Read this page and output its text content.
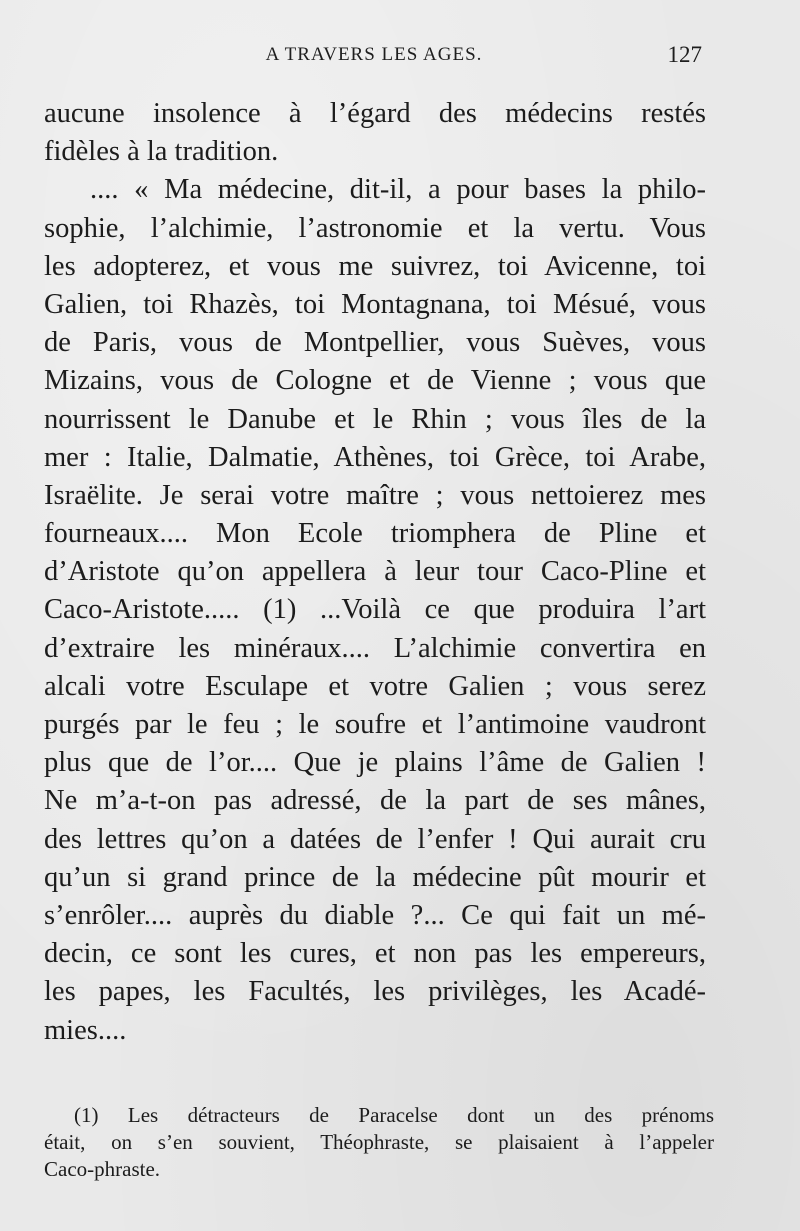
A TRAVERS LES AGES.	127
aucune insolence à l’égard des médecins restés
fidèles à la tradition.
.... « Ma médecine, dit-il, a pour bases la philo-
sophie, l’alchimie, l’astronomie et la vertu. Vous
les adopterez, et vous me suivrez, toi Avicenne, toi
Galien, toi Rhazès, toi Montagnana, toi Mésué, vous
de Paris, vous de Montpellier, vous Suèves, vous
Mizains, vous de Cologne et de Vienne ; vous que
nourrissent le Danube et le Rhin ; vous îles de la
mer : Italie, Dalmatie, Athènes, toi Grèce, toi Arabe,
Israëlite. Je serai votre maître ; vous nettoierez mes
fourneaux.... Mon Ecole triomphera de Pline et
d’Aristote qu’on appellera à leur tour Caco-Pline et
Caco-Aristote..... (1) ...Voilà ce que produira l’art
d’extraire les minéraux.... L’alchimie convertira en
alcali votre Esculape et votre Galien ; vous serez
purgés par le feu ; le soufre et l’antimoine vaudront
plus que de l’or.... Que je plains l’âme de Galien !
Ne m’a-t-on pas adressé, de la part de ses mânes,
des lettres qu’on a datées de l’enfer ! Qui aurait cru
qu’un si grand prince de la médecine pût mourir et
s’enrôler.... auprès du diable ?... Ce qui fait un mé-
decin, ce sont les cures, et non pas les empereurs,
les papes, les Facultés, les privilèges, les Acadé-
mies....
(1) Les détracteurs de Paracelse dont un des prénoms
était, on s’en souvient, Théophraste, se plaisaient à l’appeler
Caco-phraste.
